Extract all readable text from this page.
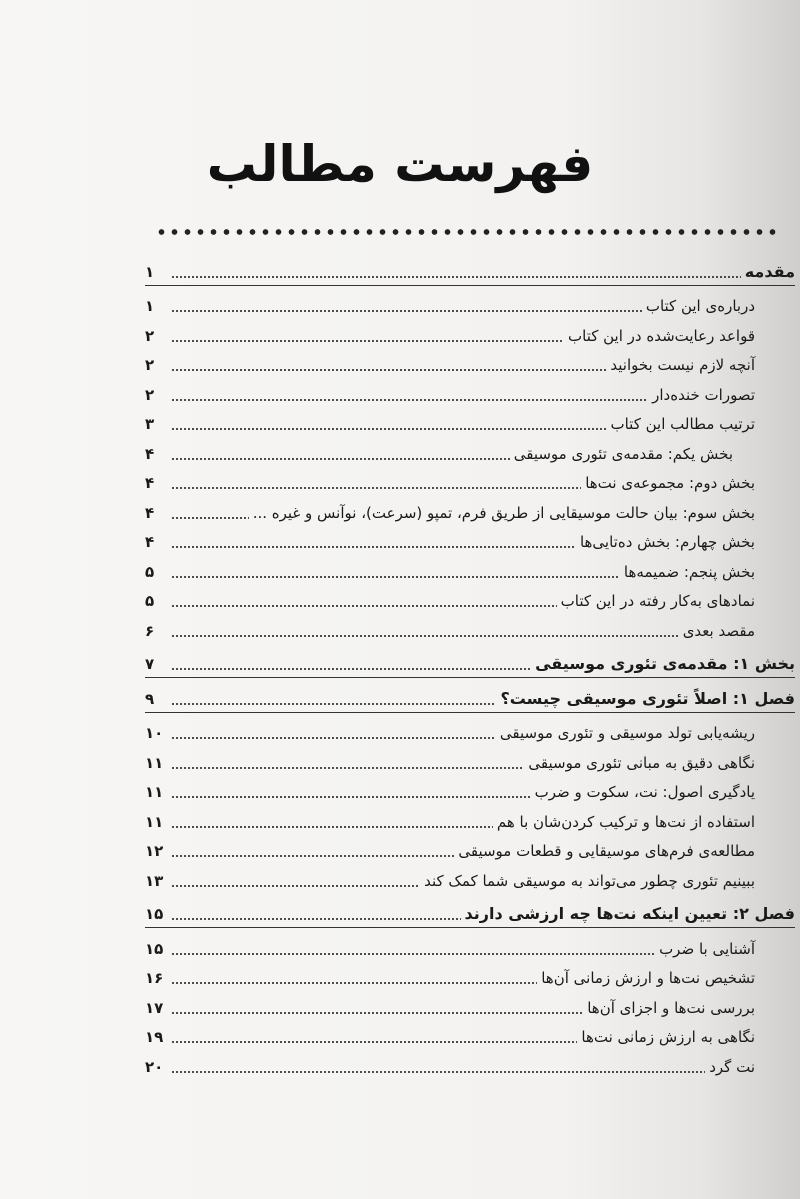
فهرست مطالب
مقدمه
۱
درباره‌ی این کتاب
۱
قواعد رعایت‌شده در این کتاب
۲
آنچه لازم نیست بخوانید
۲
تصورات خنده‌دار
۲
ترتیب مطالب این کتاب
۳
بخش یکم: مقدمه‌ی تئوری موسیقی
۴
بخش دوم: مجموعه‌ی نت‌ها
۴
بخش سوم: بیان حالت موسیقایی از طریق فرم، تمپو (سرعت)، نوآنس و غیره ...
۴
بخش چهارم: بخش ده‌تایی‌ها
۴
بخش پنجم: ضمیمه‌ها
۵
نمادهای به‌کار رفته در این کتاب
۵
مقصد بعدی
۶
بخش ۱: مقدمه‌ی تئوری موسیقی
۷
فصل ۱: اصلاً تئوری موسیقی چیست؟
۹
ریشه‌یابی تولد موسیقی و تئوری موسیقی
۱۰
نگاهی دقیق به مبانی تئوری موسیقی
۱۱
یادگیری اصول: نت، سکوت و ضرب
۱۱
استفاده از نت‌ها و ترکیب کردن‌شان با هم
۱۱
مطالعه‌ی فرم‌های موسیقایی و قطعات موسیقی
۱۲
ببینیم تئوری چطور می‌تواند به موسیقی شما کمک کند
۱۳
فصل ۲: تعیین اینکه نت‌ها چه ارزشی دارند
۱۵
آشنایی با ضرب
۱۵
تشخیص نت‌ها و ارزش زمانی آن‌ها
۱۶
بررسی نت‌ها و اجزای آن‌ها
۱۷
نگاهی به ارزش زمانی نت‌ها
۱۹
نت گرد
۲۰
